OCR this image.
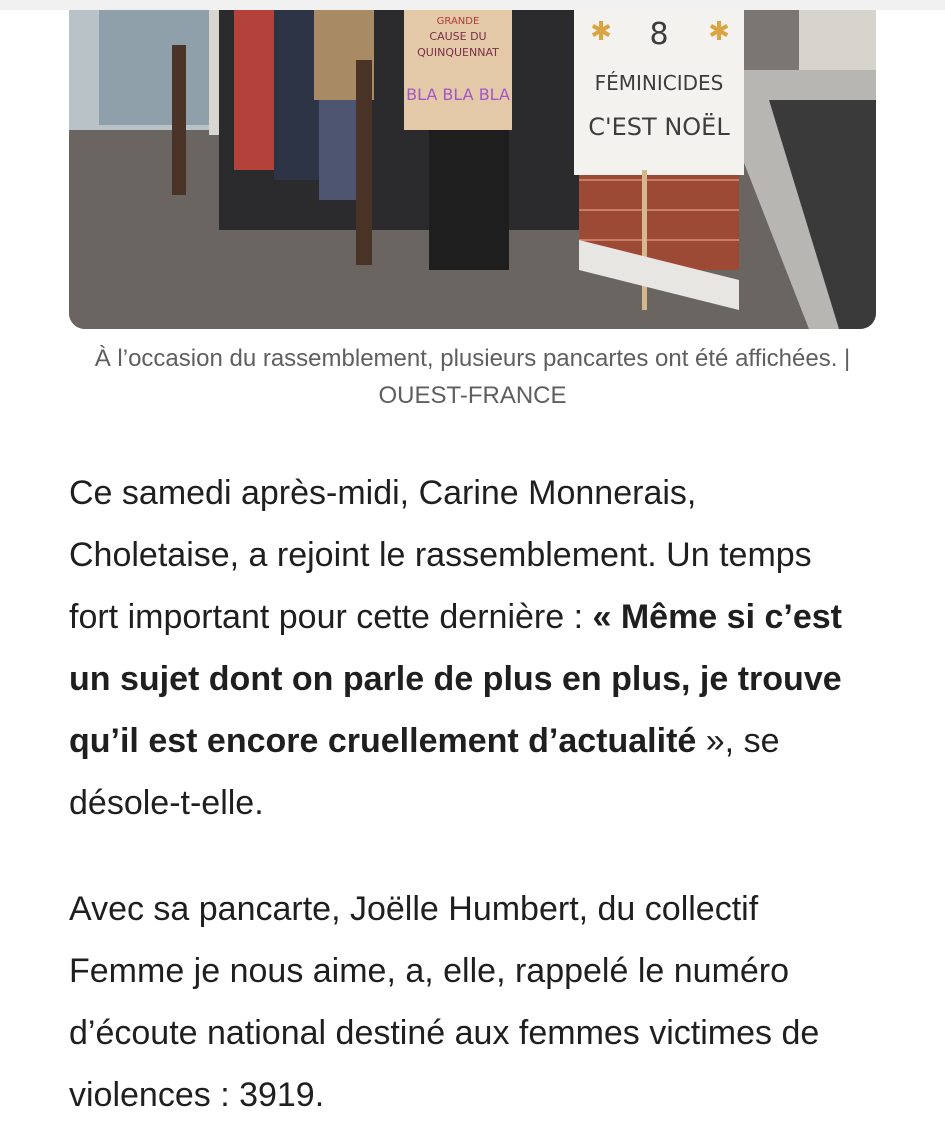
GRANDE
CAUSE DU
QUINQUENNAT
BLA BLA BLA
8
FÉMINICIDES
C'EST NOËL
✱	✱
À l’occasion du rassemblement, plusieurs pancartes ont été affichées. | OUEST-FRANCE

Ce samedi après-midi, Carine Monnerais, Choletaise, a rejoint le rassemblement. Un temps fort important pour cette dernière : « Même si c’est un sujet dont on parle de plus en plus, je trouve qu’il est encore cruellement d’actualité », se désole-t-elle.

Avec sa pancarte, Joëlle Humbert, du collectif Femme je nous aime, a, elle, rappelé le numéro d’écoute national destiné aux femmes victimes de violences : 3919.
